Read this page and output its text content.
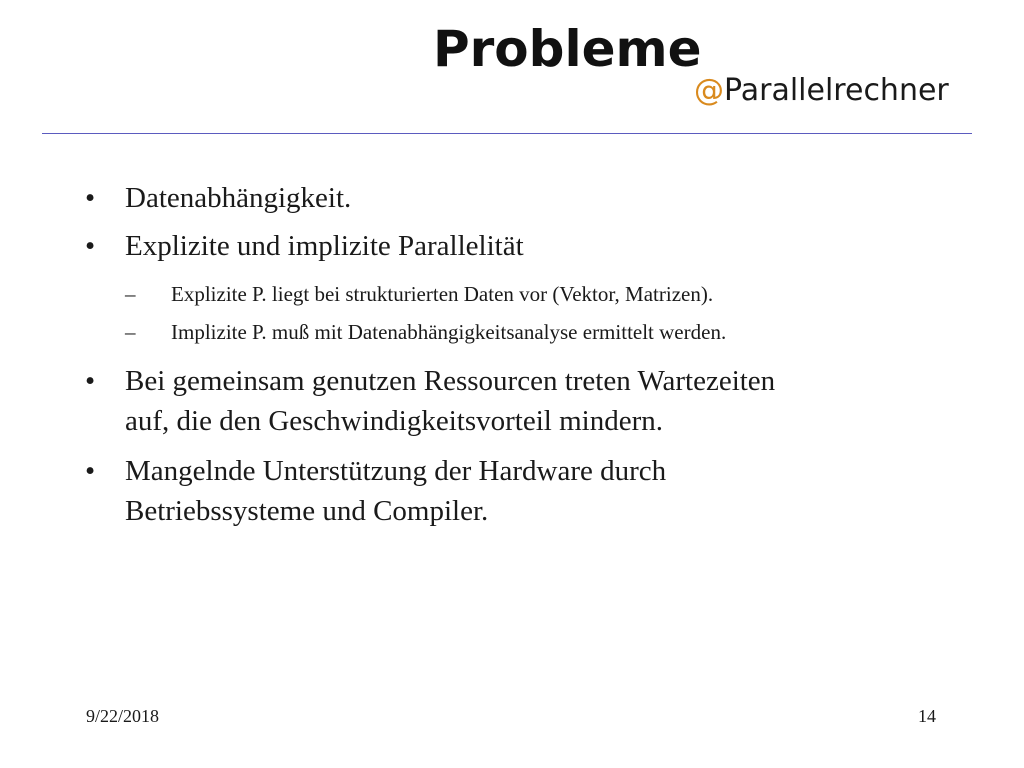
Probleme
@Parallelrechner
• Datenabhängigkeit.
• Explizite und implizite Parallelität
– Explizite P. liegt bei strukturierten Daten vor (Vektor, Matrizen).
– Implizite P. muß mit Datenabhängigkeitsanalyse ermittelt werden.
• Bei gemeinsam genutzen Ressourcen treten Wartezeiten
auf, die den Geschwindigkeitsvorteil mindern.
• Mangelnde Unterstützung der Hardware durch
Betriebssysteme und Compiler.
9/22/2018	14
